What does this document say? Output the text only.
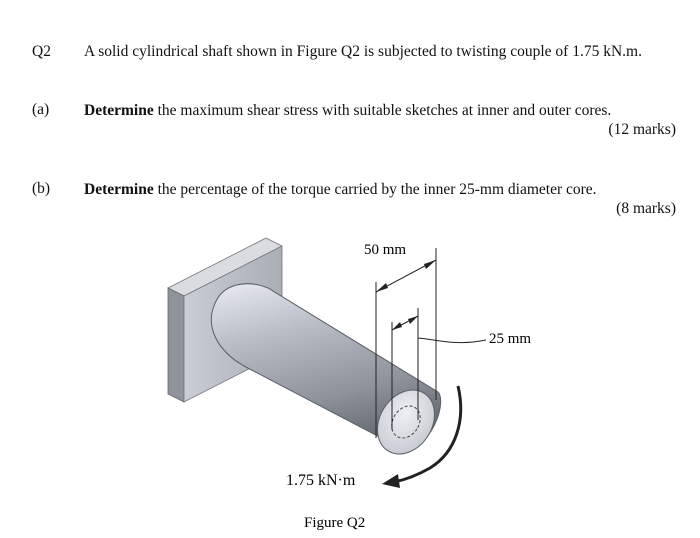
Q2 A solid cylindrical shaft shown in Figure Q2 is subjected to twisting couple of 1.75 kN.m.
(a) Determine the maximum shear stress with suitable sketches at inner and outer cores.
(12 marks)
(b) Determine the percentage of the torque carried by the inner 25-mm diameter core.
(8 marks)
50 mm
25 mm
1.75 kN·m
Figure Q2
